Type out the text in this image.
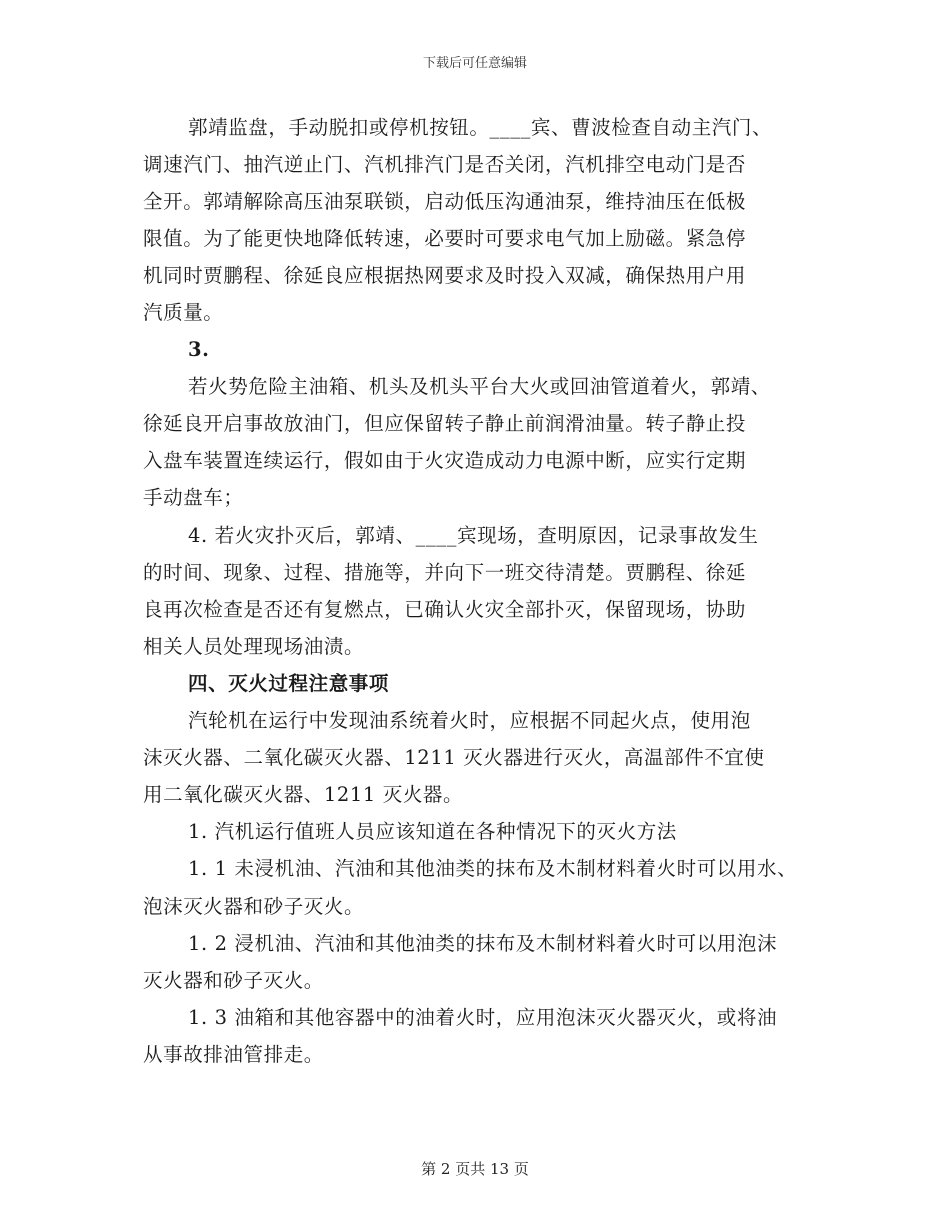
下载后可任意编辑
郭靖监盘，手动脱扣或停机按钮。____宾、曹波检查自动主汽门、
调速汽门、抽汽逆止门、汽机排汽门是否关闭，汽机排空电动门是否
全开。郭靖解除高压油泵联锁，启动低压沟通油泵，维持油压在低极
限值。为了能更快地降低转速，必要时可要求电气加上励磁。紧急停
机同时贾鹏程、徐延良应根据热网要求及时投入双减，确保热用户用
汽质量。
3.
若火势危险主油箱、机头及机头平台大火或回油管道着火，郭靖、
徐延良开启事故放油门，但应保留转子静止前润滑油量。转子静止投
入盘车装置连续运行，假如由于火灾造成动力电源中断，应实行定期
手动盘车；
4. 若火灾扑灭后，郭靖、____宾现场，查明原因，记录事故发生
的时间、现象、过程、措施等，并向下一班交待清楚。贾鹏程、徐延
良再次检查是否还有复燃点，已确认火灾全部扑灭，保留现场，协助
相关人员处理现场油渍。
四、灭火过程注意事项
汽轮机在运行中发现油系统着火时，应根据不同起火点，使用泡
沫灭火器、二氧化碳灭火器、1211 灭火器进行灭火，高温部件不宜使
用二氧化碳灭火器、1211 灭火器。
1. 汽机运行值班人员应该知道在各种情况下的灭火方法
1. 1 未浸机油、汽油和其他油类的抹布及木制材料着火时可以用水、
泡沫灭火器和砂子灭火。
1. 2 浸机油、汽油和其他油类的抹布及木制材料着火时可以用泡沫
灭火器和砂子灭火。
1. 3 油箱和其他容器中的油着火时，应用泡沫灭火器灭火，或将油
从事故排油管排走。
第 2 页共 13 页
